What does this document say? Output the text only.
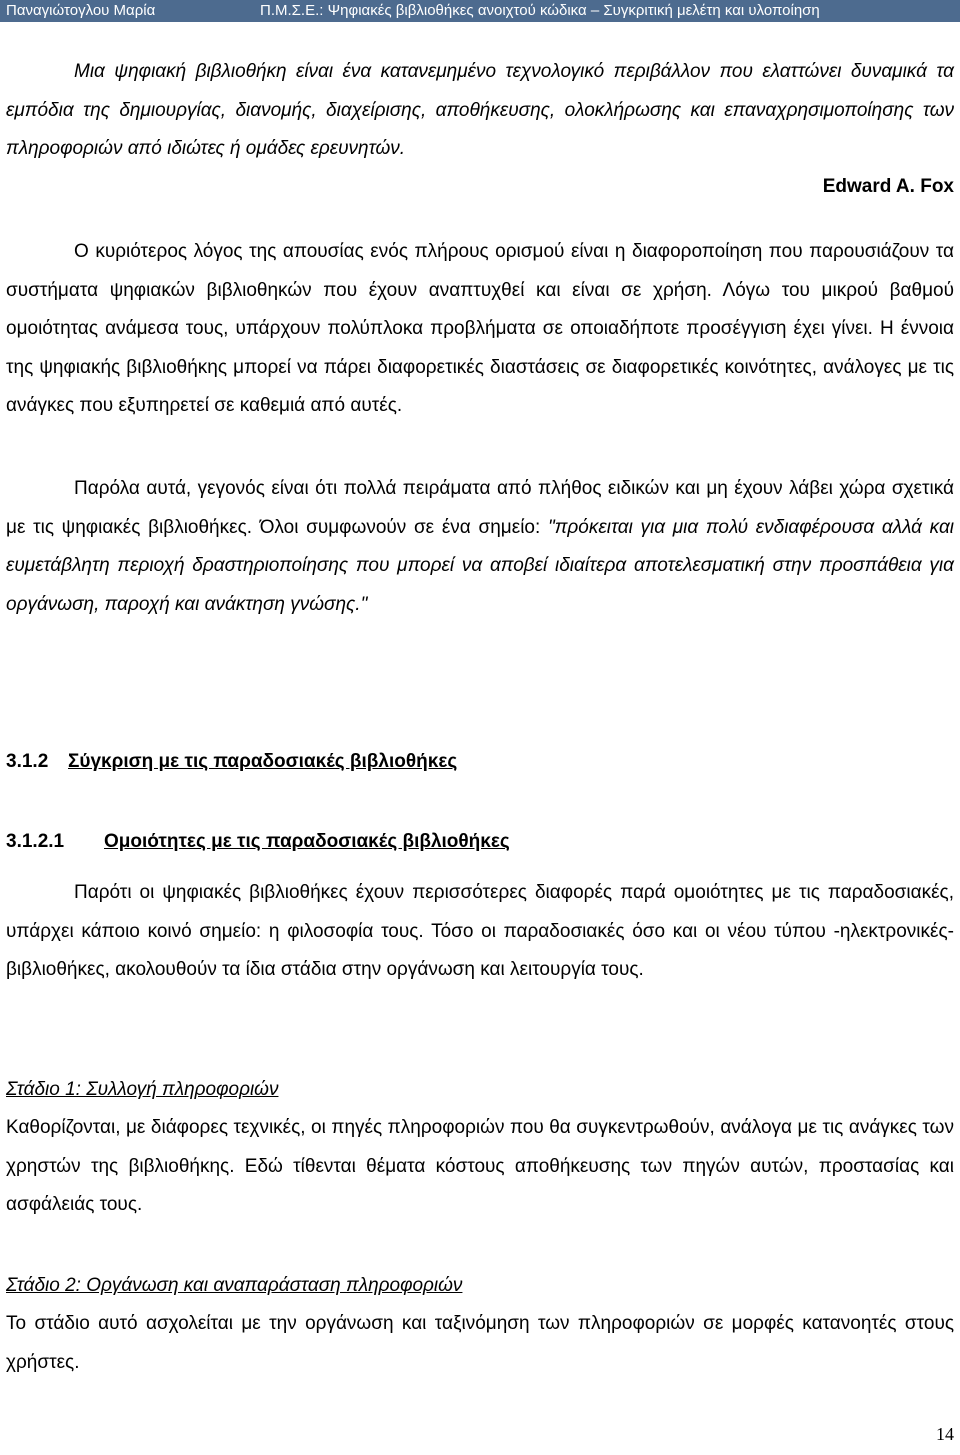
Παναγιώτογλου Μαρία	Π.Μ.Σ.Ε.: Ψηφιακές βιβλιοθήκες ανοιχτού κώδικα – Συγκριτική μελέτη και υλοποίηση

Μια ψηφιακή βιβλιοθήκη είναι ένα κατανεμημένο τεχνολογικό περιβάλλον που ελαττώνει δυναμικά τα εμπόδια της δημιουργίας, διανομής, διαχείρισης, αποθήκευσης, ολοκλήρωσης και επαναχρησιμοποίησης των πληροφοριών από ιδιώτες ή ομάδες ερευνητών.

Edward A. Fox

Ο κυριότερος λόγος της απουσίας ενός πλήρους ορισμού είναι η διαφοροποίηση που παρουσιάζουν τα συστήματα ψηφιακών βιβλιοθηκών που έχουν αναπτυχθεί και είναι σε χρήση. Λόγω του μικρού βαθμού ομοιότητας ανάμεσα τους, υπάρχουν πολύπλοκα προβλήματα σε οποιαδήποτε προσέγγιση έχει γίνει. Η έννοια της ψηφιακής βιβλιοθήκης μπορεί να πάρει διαφορετικές διαστάσεις σε διαφορετικές κοινότητες, ανάλογες με τις ανάγκες που εξυπηρετεί σε καθεμιά από αυτές.

Παρόλα αυτά, γεγονός είναι ότι πολλά πειράματα από πλήθος ειδικών και μη έχουν λάβει χώρα σχετικά με τις ψηφιακές βιβλιοθήκες. Όλοι συμφωνούν σε ένα σημείο: "πρόκειται για μια πολύ ενδιαφέρουσα αλλά και ευμετάβλητη περιοχή δραστηριοποίησης που μπορεί να αποβεί ιδιαίτερα αποτελεσματική στην προσπάθεια για οργάνωση, παροχή και ανάκτηση γνώσης."

3.1.2 Σύγκριση με τις παραδοσιακές βιβλιοθήκες
3.1.2.1 Ομοιότητες με τις παραδοσιακές βιβλιοθήκες

Παρότι οι ψηφιακές βιβλιοθήκες έχουν περισσότερες διαφορές παρά ομοιότητες με τις παραδοσιακές, υπάρχει κάποιο κοινό σημείο: η φιλοσοφία τους. Τόσο οι παραδοσιακές όσο και οι νέου τύπου -ηλεκτρονικές- βιβλιοθήκες, ακολουθούν τα ίδια στάδια στην οργάνωση και λειτουργία τους.

Στάδιο 1: Συλλογή πληροφοριών

Καθορίζονται, με διάφορες τεχνικές, οι πηγές πληροφοριών που θα συγκεντρωθούν, ανάλογα με τις ανάγκες των χρηστών της βιβλιοθήκης. Εδώ τίθενται θέματα κόστους αποθήκευσης των πηγών αυτών, προστασίας και ασφάλειάς τους.

Στάδιο 2: Οργάνωση και αναπαράσταση πληροφοριών

Το στάδιο αυτό ασχολείται με την οργάνωση και ταξινόμηση των πληροφοριών σε μορφές κατανοητές στους χρήστες.

14
